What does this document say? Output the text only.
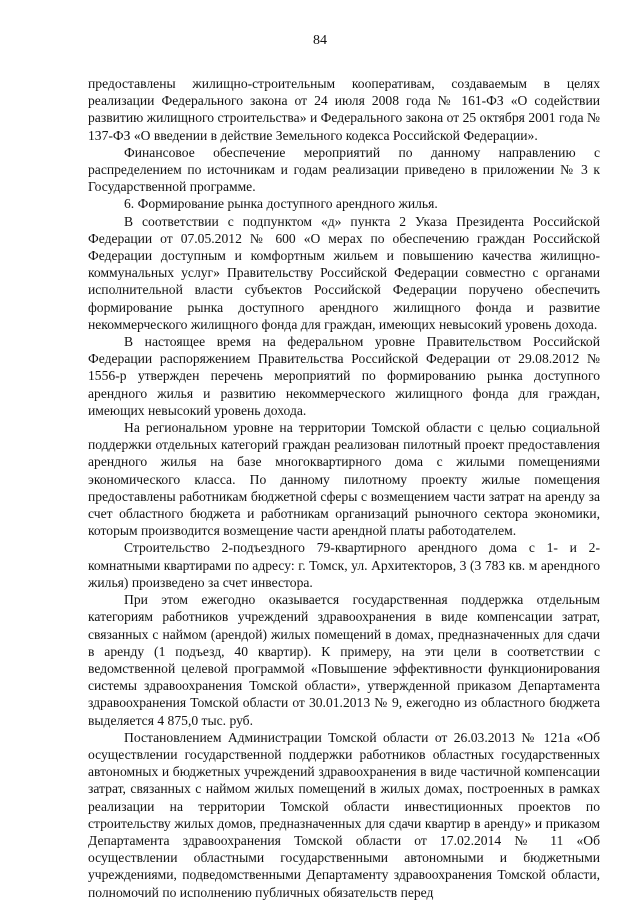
84

предоставлены жилищно-строительным кооперативам, создаваемым в целях реализации Федерального закона от 24 июля 2008 года № 161-ФЗ «О содействии развитию жилищного строительства» и Федерального закона от 25 октября 2001 года № 137-ФЗ «О введении в действие Земельного кодекса Российской Федерации».

Финансовое обеспечение мероприятий по данному направлению с распределением по источникам и годам реализации приведено в приложении № 3 к Государственной программе.

6. Формирование рынка доступного арендного жилья.

В соответствии с подпунктом «д» пункта 2 Указа Президента Российской Федерации от 07.05.2012 № 600 «О мерах по обеспечению граждан Российской Федерации доступным и комфортным жильем и повышению качества жилищно-коммунальных услуг» Правительству Российской Федерации совместно с органами исполнительной власти субъектов Российской Федерации поручено обеспечить формирование рынка доступного арендного жилищного фонда и развитие некоммерческого жилищного фонда для граждан, имеющих невысокий уровень дохода.

В настоящее время на федеральном уровне Правительством Российской Федерации распоряжением Правительства Российской Федерации от 29.08.2012 № 1556-р утвержден перечень мероприятий по формированию рынка доступного арендного жилья и развитию некоммерческого жилищного фонда для граждан, имеющих невысокий уровень дохода.

На региональном уровне на территории Томской области с целью социальной поддержки отдельных категорий граждан реализован пилотный проект предоставления арендного жилья на базе многоквартирного дома с жилыми помещениями экономического класса. По данному пилотному проекту жилые помещения предоставлены работникам бюджетной сферы с возмещением части затрат на аренду за счет областного бюджета и работникам организаций рыночного сектора экономики, которым производится возмещение части арендной платы работодателем.

Строительство 2-подъездного 79-квартирного арендного дома с 1- и 2-комнатными квартирами по адресу: г. Томск, ул. Архитекторов, 3 (3 783 кв. м арендного жилья) произведено за счет инвестора.

При этом ежегодно оказывается государственная поддержка отдельным категориям работников учреждений здравоохранения в виде компенсации затрат, связанных с наймом (арендой) жилых помещений в домах, предназначенных для сдачи в аренду (1 подъезд, 40 квартир). К примеру, на эти цели в соответствии с ведомственной целевой программой «Повышение эффективности функционирования системы здравоохранения Томской области», утвержденной приказом Департамента здравоохранения Томской области от 30.01.2013 № 9, ежегодно из областного бюджета выделяется 4 875,0 тыс. руб.

Постановлением Администрации Томской области от 26.03.2013 № 121а «Об осуществлении государственной поддержки работников областных государственных автономных и бюджетных учреждений здравоохранения в виде частичной компенсации затрат, связанных с наймом жилых помещений в жилых домах, построенных в рамках реализации на территории Томской области инвестиционных проектов по строительству жилых домов, предназначенных для сдачи квартир в аренду» и приказом Департамента здравоохранения Томской области от 17.02.2014 № 11 «Об осуществлении областными государственными автономными и бюджетными учреждениями, подведомственными Департаменту здравоохранения Томской области, полномочий по исполнению публичных обязательств перед
